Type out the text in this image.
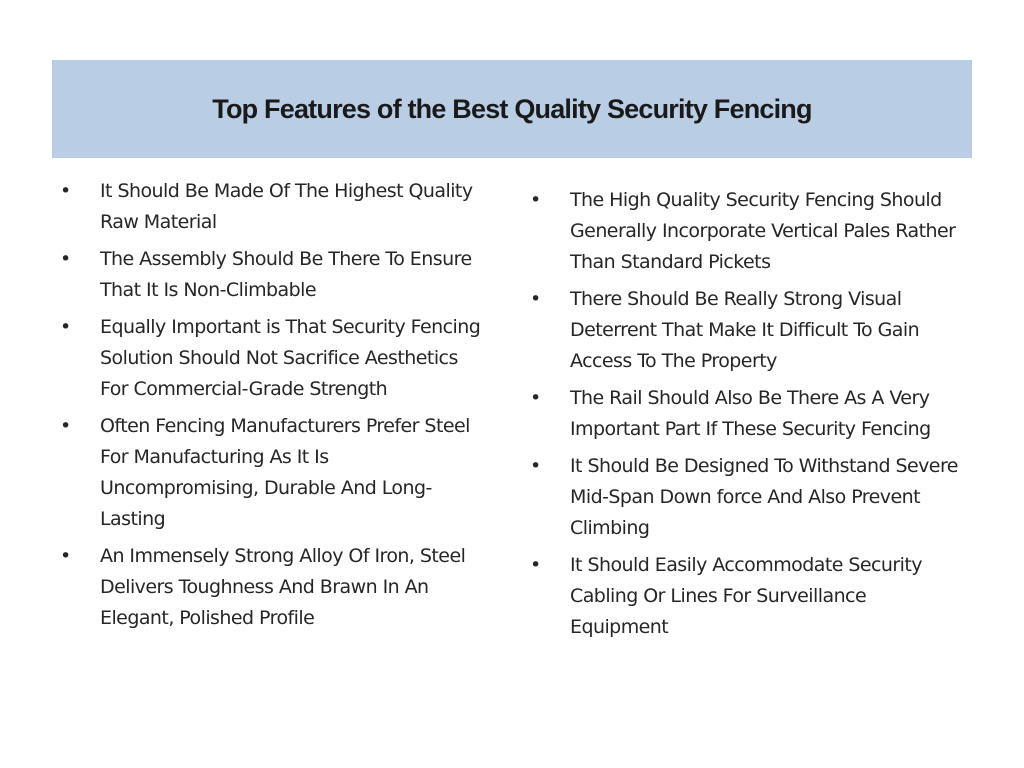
Top Features of the Best Quality Security Fencing
•
It Should Be Made Of The Highest Quality Raw Material
•
The Assembly Should Be There To Ensure That It Is Non-Climbable
•
Equally Important is That Security Fencing Solution Should Not Sacrifice Aesthetics For Commercial-Grade Strength
•
Often Fencing Manufacturers Prefer Steel For Manufacturing As It Is Uncompromising, Durable And Long-Lasting
•
An Immensely Strong Alloy Of Iron, Steel Delivers Toughness And Brawn In An Elegant, Polished Profile
•
The High Quality Security Fencing Should Generally Incorporate Vertical Pales Rather Than Standard Pickets
•
There Should Be Really Strong Visual Deterrent That Make It Difficult To Gain Access To The Property
•
The Rail Should Also Be There As A Very Important Part If These Security Fencing
•
It Should Be Designed To Withstand Severe Mid-Span Down force And Also Prevent Climbing
•
It Should Easily Accommodate Security Cabling Or Lines For Surveillance Equipment
